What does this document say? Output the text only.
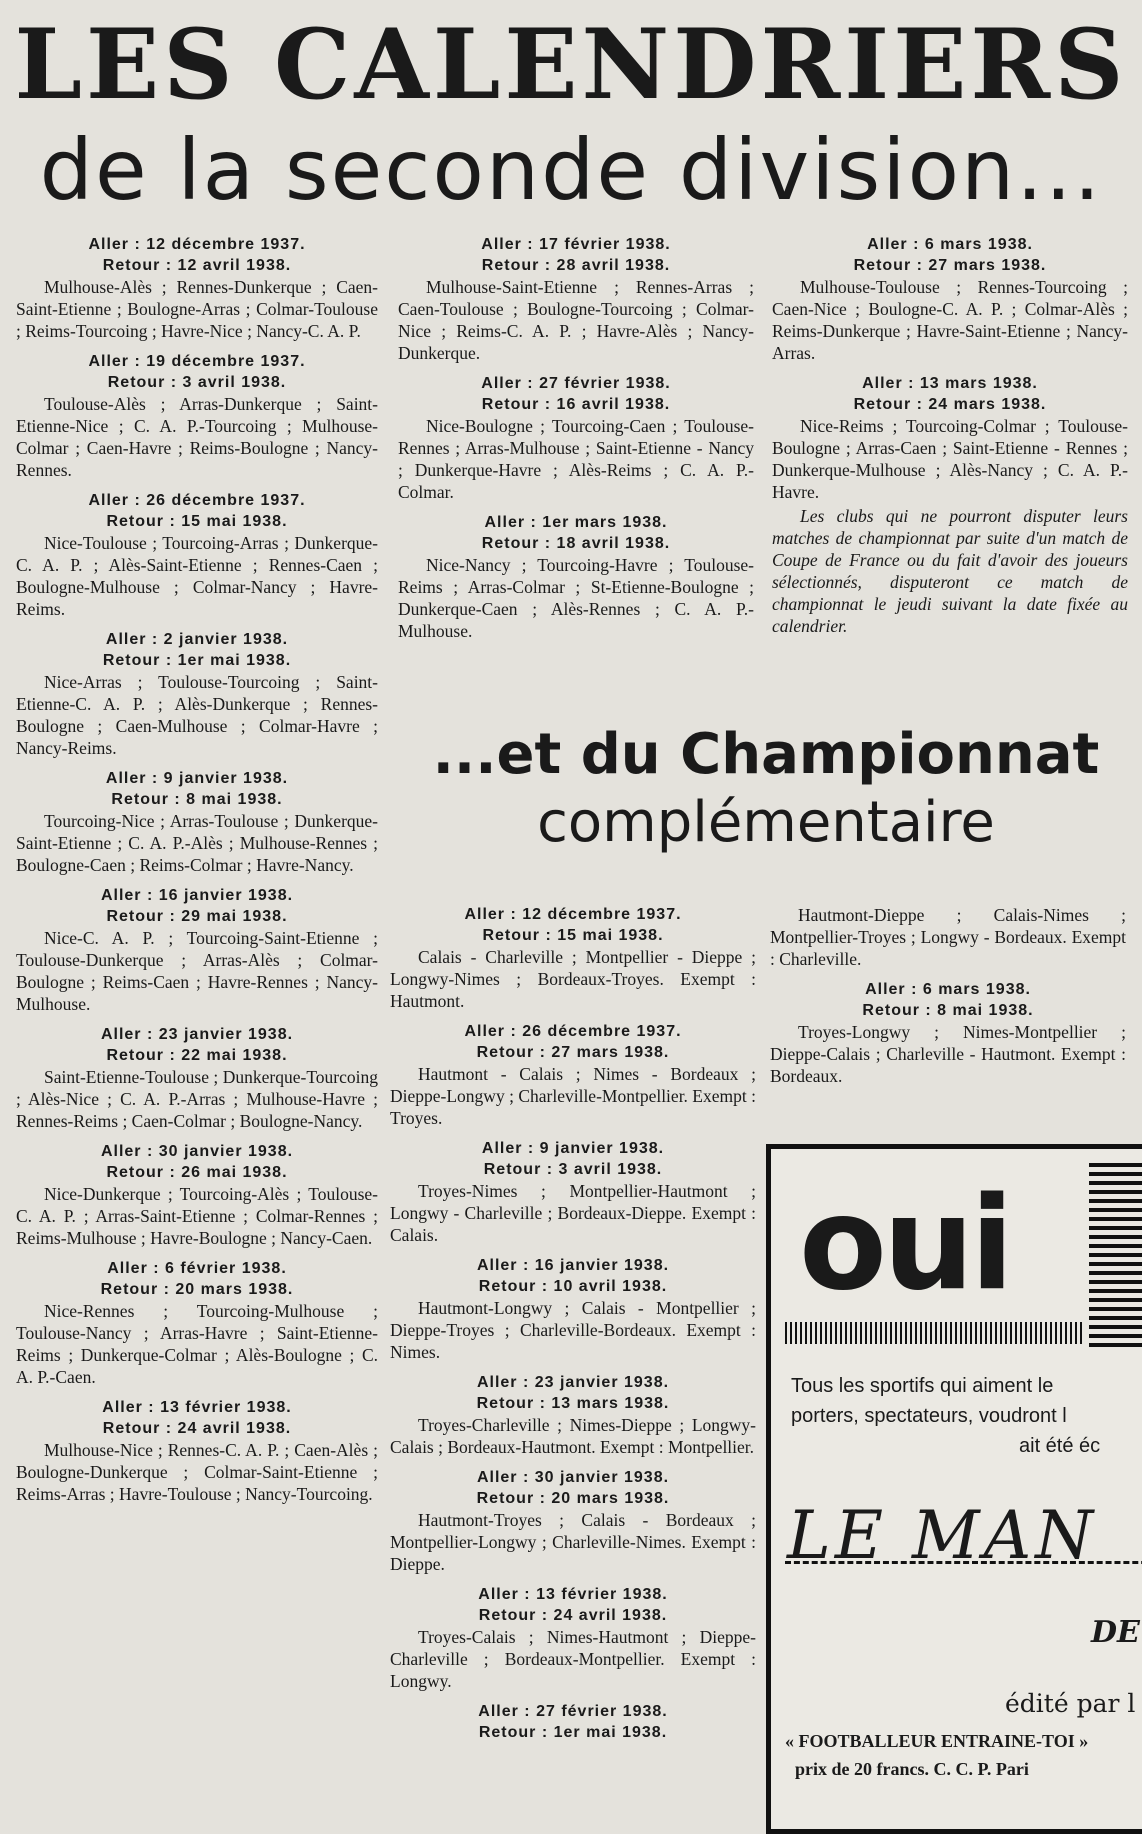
LES CALENDRIERS
de la seconde division...
Aller : 12 décembre 1937.
Retour : 12 avril 1938.
Mulhouse-Alès ; Rennes-Dunkerque ; Caen-Saint-Etienne ; Boulogne-Arras ; Colmar-Toulouse ; Reims-Tourcoing ; Havre-Nice ; Nancy-C. A. P.
Aller : 19 décembre 1937.
Retour : 3 avril 1938.
Toulouse-Alès ; Arras-Dunkerque ; Saint-Etienne-Nice ; C. A. P.-Tourcoing ; Mulhouse-Colmar ; Caen-Havre ; Reims-Boulogne ; Nancy-Rennes.
Aller : 26 décembre 1937.
Retour : 15 mai 1938.
Nice-Toulouse ; Tourcoing-Arras ; Dunkerque-C. A. P. ; Alès-Saint-Etienne ; Rennes-Caen ; Boulogne-Mulhouse ; Colmar-Nancy ; Havre-Reims.
Aller : 2 janvier 1938.
Retour : 1er mai 1938.
Nice-Arras ; Toulouse-Tourcoing ; Saint-Etienne-C. A. P. ; Alès-Dunkerque ; Rennes-Boulogne ; Caen-Mulhouse ; Colmar-Havre ; Nancy-Reims.
Aller : 9 janvier 1938.
Retour : 8 mai 1938.
Tourcoing-Nice ; Arras-Toulouse ; Dunkerque-Saint-Etienne ; C. A. P.-Alès ; Mulhouse-Rennes ; Boulogne-Caen ; Reims-Colmar ; Havre-Nancy.
Aller : 16 janvier 1938.
Retour : 29 mai 1938.
Nice-C. A. P. ; Tourcoing-Saint-Etienne ; Toulouse-Dunkerque ; Arras-Alès ; Colmar-Boulogne ; Reims-Caen ; Havre-Rennes ; Nancy-Mulhouse.
Aller : 23 janvier 1938.
Retour : 22 mai 1938.
Saint-Etienne-Toulouse ; Dunkerque-Tourcoing ; Alès-Nice ; C. A. P.-Arras ; Mulhouse-Havre ; Rennes-Reims ; Caen-Colmar ; Boulogne-Nancy.
Aller : 30 janvier 1938.
Retour : 26 mai 1938.
Nice-Dunkerque ; Tourcoing-Alès ; Toulouse-C. A. P. ; Arras-Saint-Etienne ; Colmar-Rennes ; Reims-Mulhouse ; Havre-Boulogne ; Nancy-Caen.
Aller : 6 février 1938.
Retour : 20 mars 1938.
Nice-Rennes ; Tourcoing-Mulhouse ; Toulouse-Nancy ; Arras-Havre ; Saint-Etienne-Reims ; Dunkerque-Colmar ; Alès-Boulogne ; C. A. P.-Caen.
Aller : 13 février 1938.
Retour : 24 avril 1938.
Mulhouse-Nice ; Rennes-C. A. P. ; Caen-Alès ; Boulogne-Dunkerque ; Colmar-Saint-Etienne ; Reims-Arras ; Havre-Toulouse ; Nancy-Tourcoing.
Aller : 17 février 1938.
Retour : 28 avril 1938.
Mulhouse-Saint-Etienne ; Rennes-Arras ; Caen-Toulouse ; Boulogne-Tourcoing ; Colmar-Nice ; Reims-C. A. P. ; Havre-Alès ; Nancy-Dunkerque.
Aller : 27 février 1938.
Retour : 16 avril 1938.
Nice-Boulogne ; Tourcoing-Caen ; Toulouse-Rennes ; Arras-Mulhouse ; Saint-Etienne - Nancy ; Dunkerque-Havre ; Alès-Reims ; C. A. P.-Colmar.
Aller : 1er mars 1938.
Retour : 18 avril 1938.
Nice-Nancy ; Tourcoing-Havre ; Toulouse-Reims ; Arras-Colmar ; St-Etienne-Boulogne ; Dunkerque-Caen ; Alès-Rennes ; C. A. P.-Mulhouse.
Aller : 6 mars 1938.
Retour : 27 mars 1938.
Mulhouse-Toulouse ; Rennes-Tourcoing ; Caen-Nice ; Boulogne-C. A. P. ; Colmar-Alès ; Reims-Dunkerque ; Havre-Saint-Etienne ; Nancy-Arras.
Aller : 13 mars 1938.
Retour : 24 mars 1938.
Nice-Reims ; Tourcoing-Colmar ; Toulouse-Boulogne ; Arras-Caen ; Saint-Etienne - Rennes ; Dunkerque-Mulhouse ; Alès-Nancy ; C. A. P.-Havre.
Les clubs qui ne pourront disputer leurs matches de championnat par suite d'un match de Coupe de France ou du fait d'avoir des joueurs sélectionnés, disputeront ce match de championnat le jeudi suivant la date fixée au calendrier.
...et du Championnat
complémentaire
Aller : 12 décembre 1937.
Retour : 15 mai 1938.
Calais - Charleville ; Montpellier - Dieppe ; Longwy-Nimes ; Bordeaux-Troyes. Exempt : Hautmont.
Aller : 26 décembre 1937.
Retour : 27 mars 1938.
Hautmont - Calais ; Nimes - Bordeaux ; Dieppe-Longwy ; Charleville-Montpellier. Exempt : Troyes.
Aller : 9 janvier 1938.
Retour : 3 avril 1938.
Troyes-Nimes ; Montpellier-Hautmont ; Longwy - Charleville ; Bordeaux-Dieppe. Exempt : Calais.
Aller : 16 janvier 1938.
Retour : 10 avril 1938.
Hautmont-Longwy ; Calais - Montpellier ; Dieppe-Troyes ; Charleville-Bordeaux. Exempt : Nimes.
Aller : 23 janvier 1938.
Retour : 13 mars 1938.
Troyes-Charleville ; Nimes-Dieppe ; Longwy-Calais ; Bordeaux-Hautmont. Exempt : Montpellier.
Aller : 30 janvier 1938.
Retour : 20 mars 1938.
Hautmont-Troyes ; Calais - Bordeaux ; Montpellier-Longwy ; Charleville-Nimes. Exempt : Dieppe.
Aller : 13 février 1938.
Retour : 24 avril 1938.
Troyes-Calais ; Nimes-Hautmont ; Dieppe-Charleville ; Bordeaux-Montpellier. Exempt : Longwy.
Aller : 27 février 1938.
Retour : 1er mai 1938.
Hautmont-Dieppe ; Calais-Nimes ; Montpellier-Troyes ; Longwy - Bordeaux. Exempt : Charleville.
Aller : 6 mars 1938.
Retour : 8 mai 1938.
Troyes-Longwy ; Nimes-Montpellier ; Dieppe-Calais ; Charleville - Hautmont. Exempt : Bordeaux.
oui
Tous les sportifs qui aiment le
porters, spectateurs, voudront l
ait été éc
LE MAN
DE
édité par l
« FOOTBALLEUR ENTRAINE-TOI »
prix de 20 francs. C. C. P. Pari
